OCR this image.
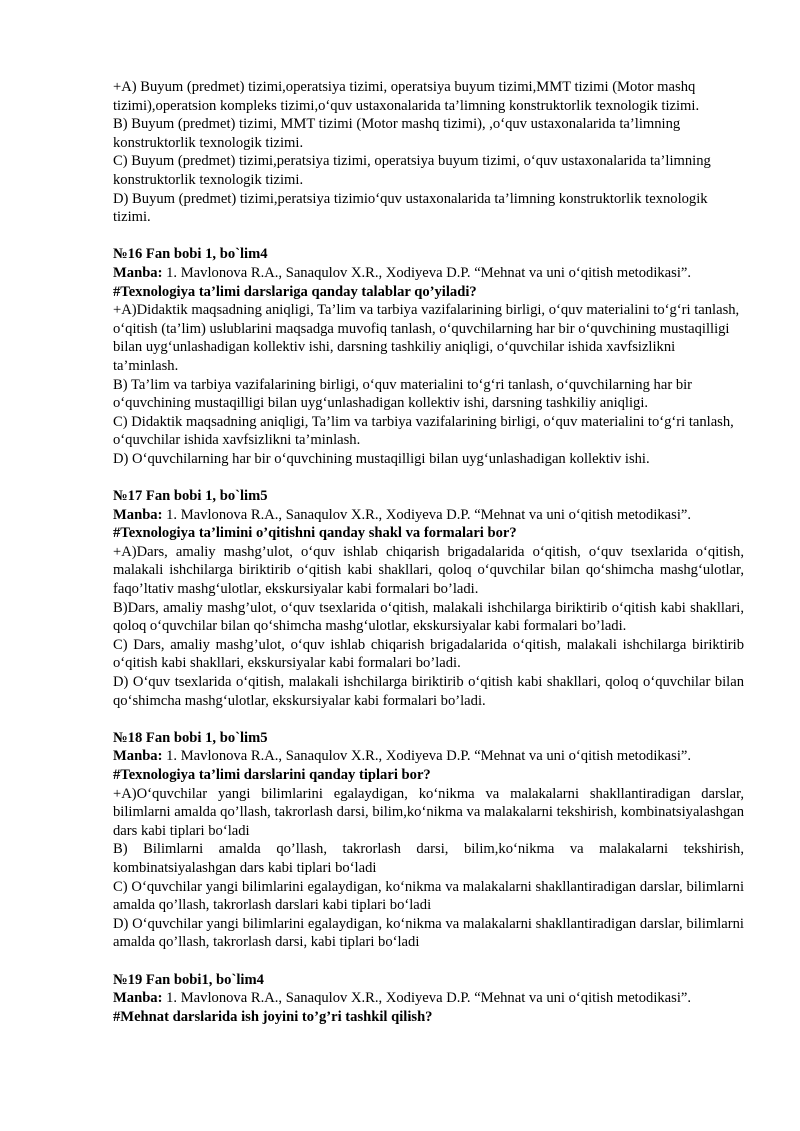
+A) Buyum (predmet) tizimi,operatsiya tizimi, operatsiya buyum tizimi,MMT tizimi (Motor mashq tizimi),operatsion kompleks tizimi,o‘quv ustaxonalarida ta’limning konstruktorlik texnologik tizimi.

B) Buyum (predmet) tizimi, MMT tizimi (Motor mashq tizimi), ,o‘quv ustaxonalarida ta’limning konstruktorlik texnologik tizimi.

C) Buyum (predmet) tizimi,peratsiya tizimi, operatsiya buyum tizimi, o‘quv ustaxonalarida ta’limning konstruktorlik texnologik tizimi.

D) Buyum (predmet) tizimi,peratsiya tizimio‘quv ustaxonalarida ta’limning konstruktorlik texnologik tizimi.

№16 Fan bobi 1, bo`lim4

Manba: 1. Mavlonova R.A., Sanaqulov X.R., Xodiyeva D.P. “Mehnat va uni o‘qitish metodikasi”.

#Texnologiya ta’limi darslariga qanday talablar qo’yiladi?

+A)Didaktik maqsadning aniqligi, Ta’lim va tarbiya vazifalarining birligi, o‘quv materialini to‘g‘ri tanlash, o‘qitish (ta’lim) uslublarini maqsadga muvofiq tanlash, o‘quvchilarning har bir o‘quvchining mustaqilligi bilan uyg‘unlashadigan kollektiv ishi, darsning tashkiliy aniqligi, o‘quvchilar ishida xavfsizlikni ta’minlash.

B) Ta’lim va tarbiya vazifalarining birligi, o‘quv materialini to‘g‘ri tanlash, o‘quvchilarning har bir o‘quvchining mustaqilligi bilan uyg‘unlashadigan kollektiv ishi, darsning tashkiliy aniqligi.

C) Didaktik maqsadning aniqligi, Ta’lim va tarbiya vazifalarining birligi, o‘quv materialini to‘g‘ri tanlash, o‘quvchilar ishida xavfsizlikni ta’minlash.

D) O‘quvchilarning har bir o‘quvchining mustaqilligi bilan uyg‘unlashadigan kollektiv ishi.

№17 Fan bobi 1, bo`lim5

Manba: 1. Mavlonova R.A., Sanaqulov X.R., Xodiyeva D.P. “Mehnat va uni o‘qitish metodikasi”.

#Texnologiya ta’limini o’qitishni qanday shakl va formalari bor?

+A)Dars, amaliy mashg’ulot, o‘quv ishlab chiqarish brigadalarida o‘qitish, o‘quv tsexlarida o‘qitish, malakali ishchilarga biriktirib o‘qitish kabi shakllari, qoloq o‘quvchilar bilan qo‘shimcha mashg‘ulotlar, faqo’ltativ mashg‘ulotlar, ekskursiyalar kabi formalari bo’ladi.

B)Dars, amaliy mashg’ulot, o‘quv tsexlarida o‘qitish, malakali ishchilarga biriktirib o‘qitish kabi shakllari, qoloq o‘quvchilar bilan qo‘shimcha mashg‘ulotlar, ekskursiyalar kabi formalari bo’ladi.

C) Dars, amaliy mashg’ulot, o‘quv ishlab chiqarish brigadalarida o‘qitish, malakali ishchilarga biriktirib o‘qitish kabi shakllari, ekskursiyalar kabi formalari bo’ladi.

D) O‘quv tsexlarida o‘qitish, malakali ishchilarga biriktirib o‘qitish kabi shakllari, qoloq o‘quvchilar bilan qo‘shimcha mashg‘ulotlar, ekskursiyalar kabi formalari bo’ladi.

№18 Fan bobi 1, bo`lim5

Manba: 1. Mavlonova R.A., Sanaqulov X.R., Xodiyeva D.P. “Mehnat va uni o‘qitish metodikasi”.

#Texnologiya ta’limi darslarini qanday tiplari bor?

+A)O‘quvchilar yangi bilimlarini egalaydigan, ko‘nikma va malakalarni shakllantiradigan darslar, bilimlarni amalda qo’llash, takrorlash darsi, bilim,ko‘nikma va malakalarni tekshirish, kombinatsiyalashgan dars kabi tiplari bo‘ladi

B) Bilimlarni amalda qo’llash, takrorlash darsi, bilim,ko‘nikma va malakalarni tekshirish, kombinatsiyalashgan dars kabi tiplari bo‘ladi

C) O‘quvchilar yangi bilimlarini egalaydigan, ko‘nikma va malakalarni shakllantiradigan darslar, bilimlarni amalda qo’llash, takrorlash darslari kabi tiplari bo‘ladi

D) O‘quvchilar yangi bilimlarini egalaydigan, ko‘nikma va malakalarni shakllantiradigan darslar, bilimlarni amalda qo’llash, takrorlash darsi, kabi tiplari bo‘ladi

№19 Fan bobi1, bo`lim4

Manba: 1. Mavlonova R.A., Sanaqulov X.R., Xodiyeva D.P. “Mehnat va uni o‘qitish metodikasi”.

#Mehnat darslarida ish joyini to’g’ri tashkil qilish?
